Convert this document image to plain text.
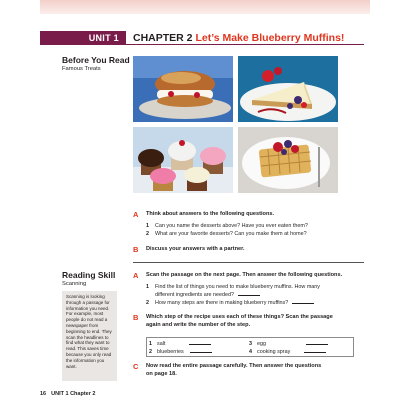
UNIT 1	CHAPTER 2 Let’s Make Blueberry Muffins!
Before You Read
Famous Treats
A Think about answers to the following questions.
1 Can you name the desserts above? Have you ever eaten them?
2 What are your favorite desserts? Can you make them at home?
B Discuss your answers with a partner.
Reading Skill
Scanning
Scanning is looking through a passage for information you need. For example, most people do not read a newspaper from beginning to end. They scan the headlines to find what they want to read. This saves time because you only read the information you want.
A Scan the passage on the next page. Then answer the following questions.
1 Find the list of things you need to make blueberry muffins. How many
different ingredients are needed?
2 How many steps are there in making blueberry muffins?
B Which step of the recipe uses each of these things? Scan the passage
again and write the number of the step.
1 salt
2 blueberries
3 egg
4 cooking spray
C Now read the entire passage carefully. Then answer the questions
on page 18.
16 UNIT 1 Chapter 2
